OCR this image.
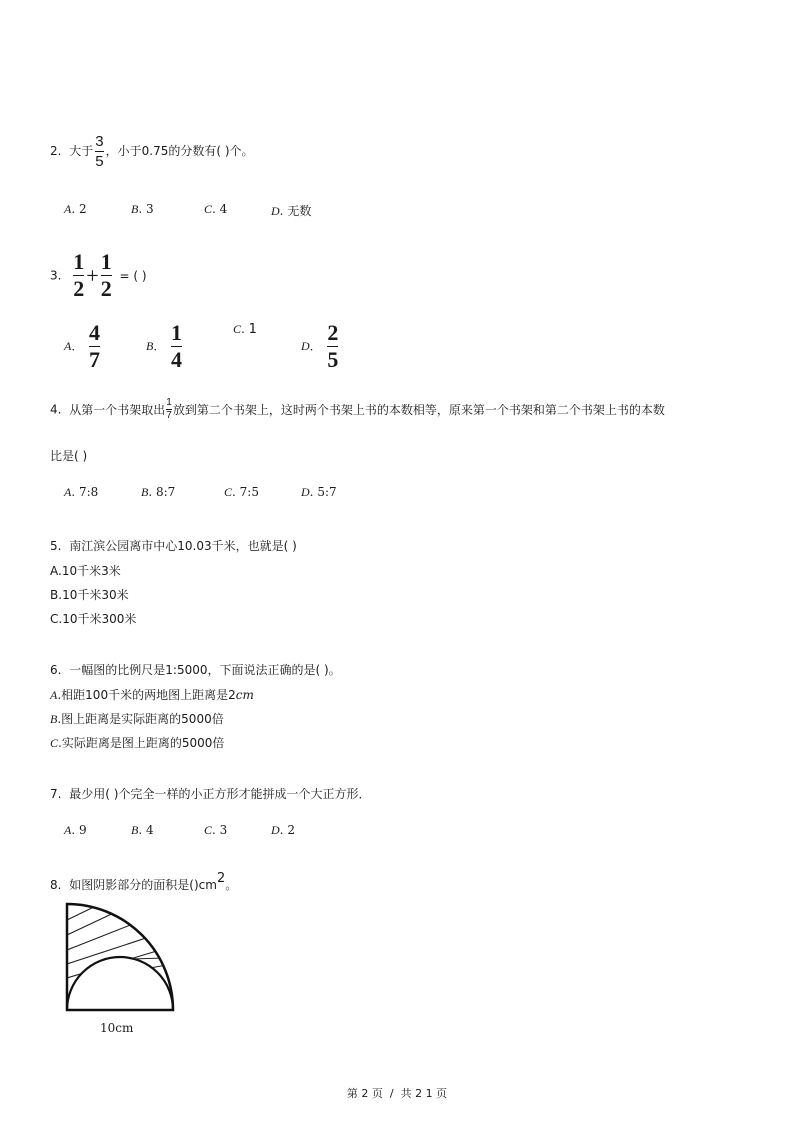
2. 大于 $\frac{3}{5}$ ，小于0.75的分数有( )个。
A. 2	B. 3	C. 4	D. 无数
3. $\frac{1}{2} + \frac{1}{2}$ = ( )
A. $\frac{4}{7}$	B. $\frac{1}{4}$	C. 1
D. $\frac{2}{5}$
4. 从第一个书架取出 $\frac{1}{7}$ 放到第二个书架上，这时两个书架上书的本数相等，原来第一个书架和第二个书架上书的本数
比是( )
A. 7:8	B. 8:7	C. 7:5	D. 5:7
5. 南江滨公园离市中心10.03千米，也就是( )
A.10千米3米
B.10千米30米
C.10千米300米
6. 一幅图的比例尺是1:5000，下面说法正确的是( )。
A.相距100千米的两地图上距离是2cm
B.图上距离是实际距离的5000倍
C.实际距离是图上距离的5000倍
7. 最少用( )个完全一样的小正方形才能拼成一个大正方形．
A. 9	B. 4	C. 3	D. 2
8. 如图阴影部分的面积是()cm2。
10cm
第 2 页  /  共 2 1 页
